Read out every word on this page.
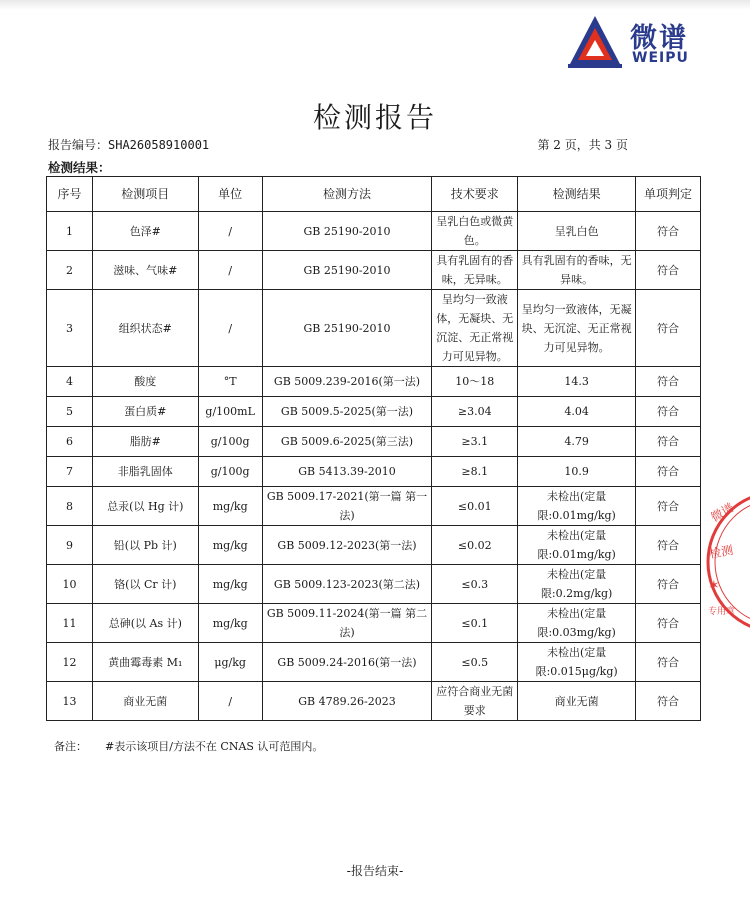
微谱
WEIPU
检测报告
报告编号：SHA26058910001	第 2 页，共 3 页
检测结果：
序号	检测项目	单位	检测方法	技术要求	检测结果	单项判定
1	色泽#	/	GB 25190-2010	呈乳白色或微黄色。	呈乳白色	符合
2	滋味、气味#	/	GB 25190-2010	具有乳固有的香味，无异味。	具有乳固有的香味，无异味。	符合
3	组织状态#	/	GB 25190-2010	呈均匀一致液体，无凝块、无沉淀、无正常视力可见异物。	呈均匀一致液体，无凝块、无沉淀、无正常视力可见异物。	符合
4	酸度	°T	GB 5009.239-2016(第一法)	10～18	14.3	符合
5	蛋白质#	g/100mL	GB 5009.5-2025(第一法)	≥3.04	4.04	符合
6	脂肪#	g/100g	GB 5009.6-2025(第三法)	≥3.1	4.79	符合
7	非脂乳固体	g/100g	GB 5413.39-2010	≥8.1	10.9	符合
8	总汞(以 Hg 计)	mg/kg	GB 5009.17-2021(第一篇 第一法)	≤0.01	未检出(定量限:0.01mg/kg)	符合
9	铅(以 Pb 计)	mg/kg	GB 5009.12-2023(第一法)	≤0.02	未检出(定量限:0.01mg/kg)	符合
10	铬(以 Cr 计)	mg/kg	GB 5009.123-2023(第二法)	≤0.3	未检出(定量限:0.2mg/kg)	符合
11	总砷(以 As 计)	mg/kg	GB 5009.11-2024(第一篇 第二法)	≤0.1	未检出(定量限:0.03mg/kg)	符合
12	黄曲霉毒素 M₁	μg/kg	GB 5009.24-2016(第一法)	≤0.5	未检出(定量限:0.015μg/kg)	符合
13	商业无菌	/	GB 4789.26-2023	应符合商业无菌要求	商业无菌	符合
备注： #表示该项目/方法不在 CNAS 认可范围内。
-报告结束-
微谱
检测
✶
专用章
